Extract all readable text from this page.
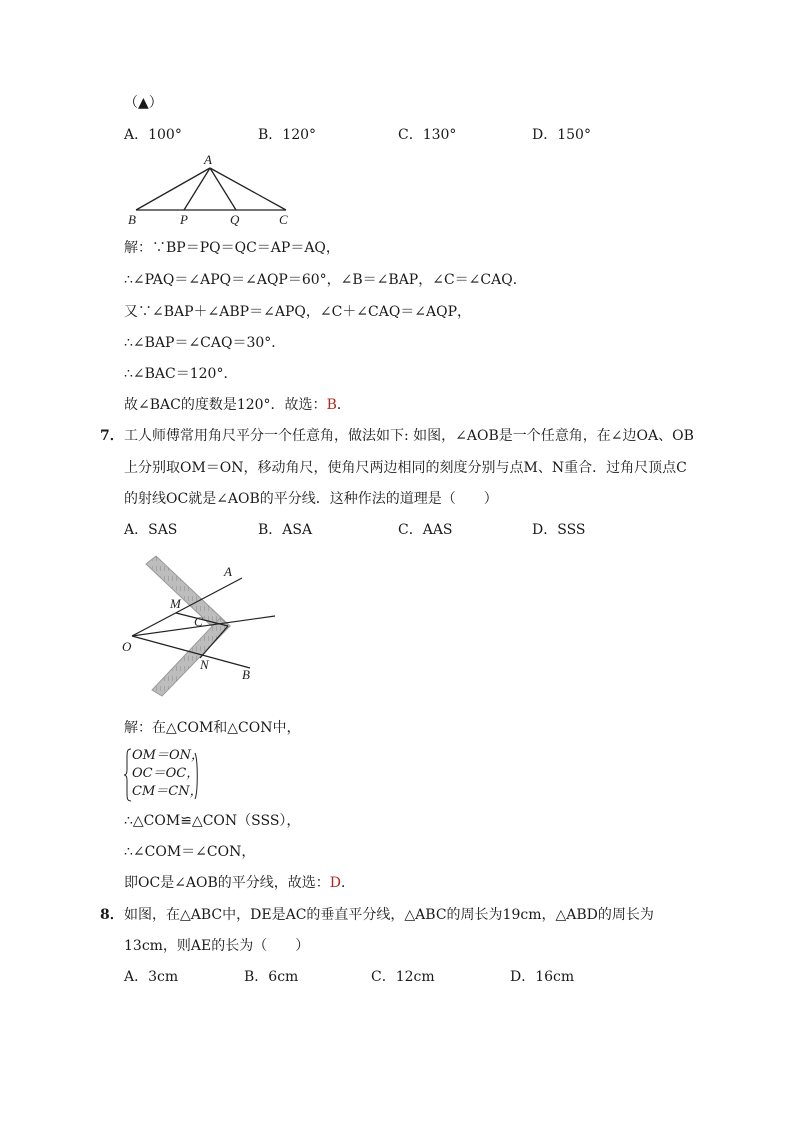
（▲）
A．100°	B．120°	C．130°	D．150°
A
B	P	Q	C
解：∵BP＝PQ＝QC＝AP＝AQ，
∴∠PAQ＝∠APQ＝∠AQP＝60°，∠B＝∠BAP，∠C＝∠CAQ．
又∵∠BAP＋∠ABP＝∠APQ，∠C＋∠CAQ＝∠AQP，
∴∠BAP＝∠CAQ＝30°．
∴∠BAC＝120°．
故∠BAC的度数是120°．故选：B．
7． 工人师傅常用角尺平分一个任意角，做法如下: 如图，∠AOB是一个任意角，在∠边OA、OB
上分别取OM＝ON，移动角尺，使角尺两边相同的刻度分别与点M、N重合．过角尺顶点C
的射线OC就是∠AOB的平分线．这种作法的道理是（　　）
A．SAS	B．ASA	C．AAS	D．SSS
A
M
C
O
N
B
解：在△COM和△CON中，
OM＝ON，
OC＝OC，
CM＝CN，
∴△COM≌△CON（SSS），
∴∠COM＝∠CON，
即OC是∠AOB的平分线，故选：D．
8． 如图，在△ABC中，DE是AC的垂直平分线，△ABC的周长为19cm，△ABD的周长为
13cm，则AE的长为（　　）
A．3cm	B．6cm	C．12cm	D．16cm
